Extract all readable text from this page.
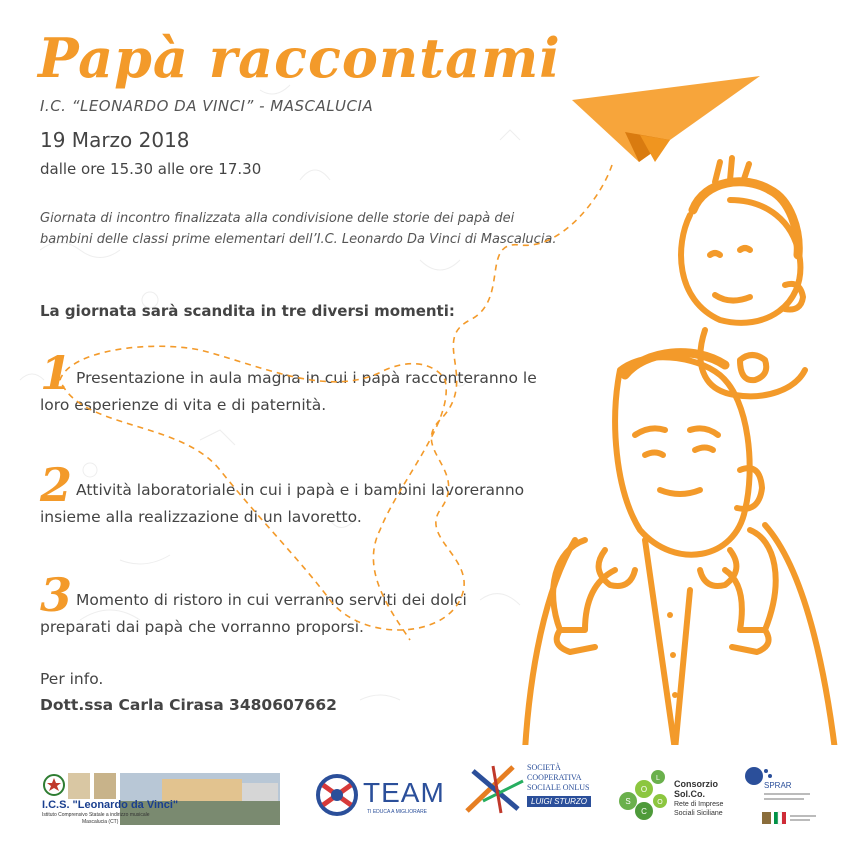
Papà raccontami
I.C. “LEONARDO DA VINCI” - MASCALUCIA
19 Marzo 2018
dalle ore 15.30 alle ore 17.30
Giornata di incontro finalizzata alla condivisione delle storie dei papà dei bambini delle classi prime elementari dell’I.C. Leonardo Da Vinci di Mascalucia.
La giornata sarà scandita in tre diversi momenti:
1 Presentazione in aula magna in cui i papà racconteranno le loro esperienze di vita e di paternità.
2 Attività laboratoriale in cui i papà e i bambini lavoreranno insieme alla realizzazione di un lavoretto.
3 Momento di ristoro in cui verranno serviti dei dolci preparati dai papà che vorranno proporsi.
Per info.
Dott.ssa Carla Cirasa 3480607662
I.C.S. "Leonardo da Vinci"
Istituto Comprensivo Statale a indirizzo musicale
Mascalucia (CT)
TEAM
TI EDUCA A MIGLIORARE
SOCIETÀ
COOPERATIVA
SOCIALE ONLUS
LUIGI STURZO	S
O
L
C
O
Consorzio Sol.Co.
Rete di Imprese
Sociali Siciliane
SPRAR
